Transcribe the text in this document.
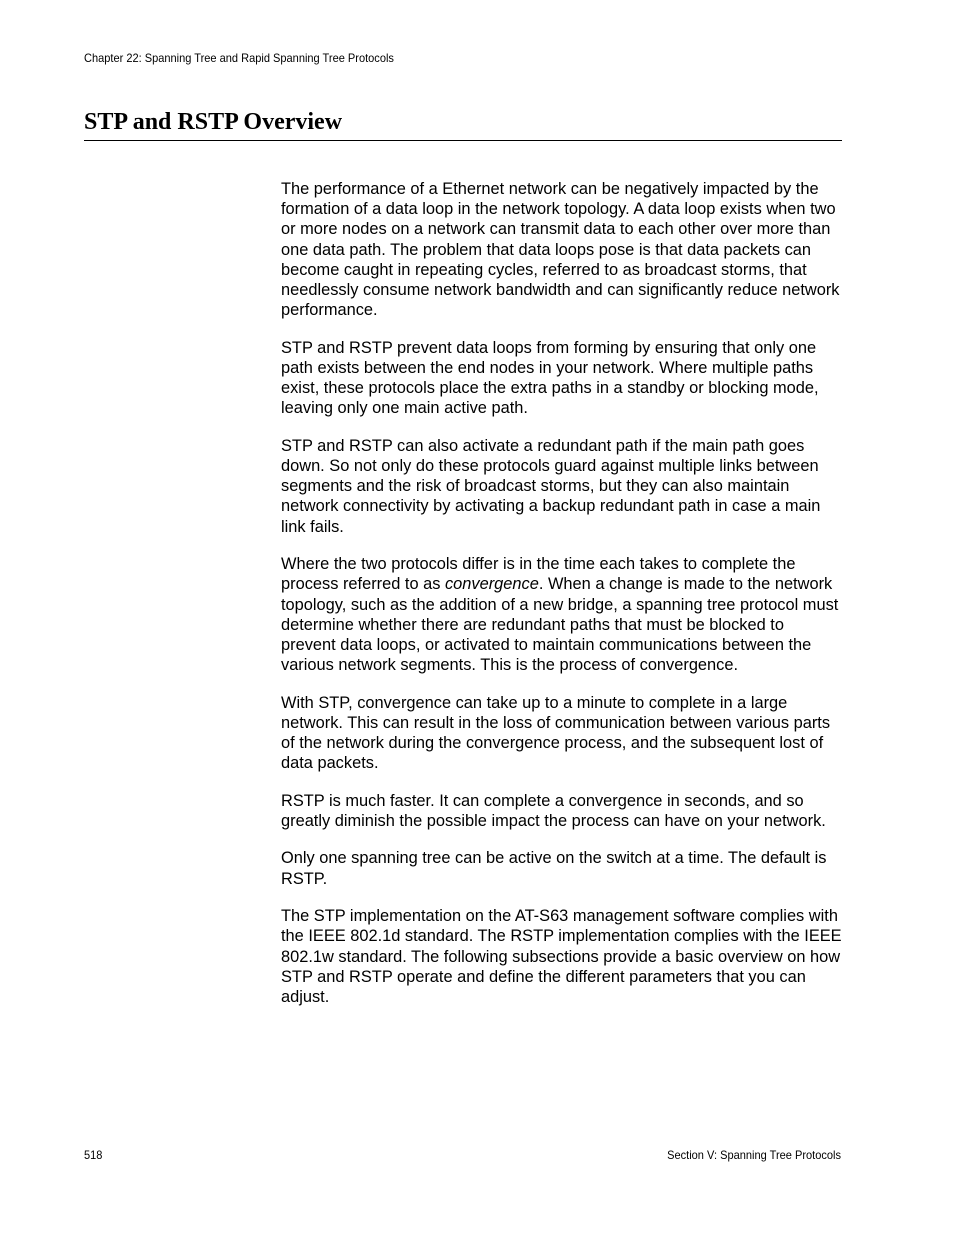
Chapter 22: Spanning Tree and Rapid Spanning Tree Protocols
STP and RSTP Overview

The performance of a Ethernet network can be negatively impacted by the formation of a data loop in the network topology. A data loop exists when two or more nodes on a network can transmit data to each other over more than one data path. The problem that data loops pose is that data packets can become caught in repeating cycles, referred to as broadcast storms, that needlessly consume network bandwidth and can significantly reduce network performance.

STP and RSTP prevent data loops from forming by ensuring that only one path exists between the end nodes in your network. Where multiple paths exist, these protocols place the extra paths in a standby or blocking mode, leaving only one main active path.

STP and RSTP can also activate a redundant path if the main path goes down. So not only do these protocols guard against multiple links between segments and the risk of broadcast storms, but they can also maintain network connectivity by activating a backup redundant path in case a main link fails.

Where the two protocols differ is in the time each takes to complete the process referred to as convergence. When a change is made to the network topology, such as the addition of a new bridge, a spanning tree protocol must determine whether there are redundant paths that must be blocked to prevent data loops, or activated to maintain communications between the various network segments. This is the process of convergence.

With STP, convergence can take up to a minute to complete in a large network. This can result in the loss of communication between various parts of the network during the convergence process, and the subsequent lost of data packets.

RSTP is much faster. It can complete a convergence in seconds, and so greatly diminish the possible impact the process can have on your network.

Only one spanning tree can be active on the switch at a time. The default is RSTP.

The STP implementation on the AT-S63 management software complies with the IEEE 802.1d standard. The RSTP implementation complies with the IEEE 802.1w standard. The following subsections provide a basic overview on how STP and RSTP operate and define the different parameters that you can adjust.

518	Section V: Spanning Tree Protocols
